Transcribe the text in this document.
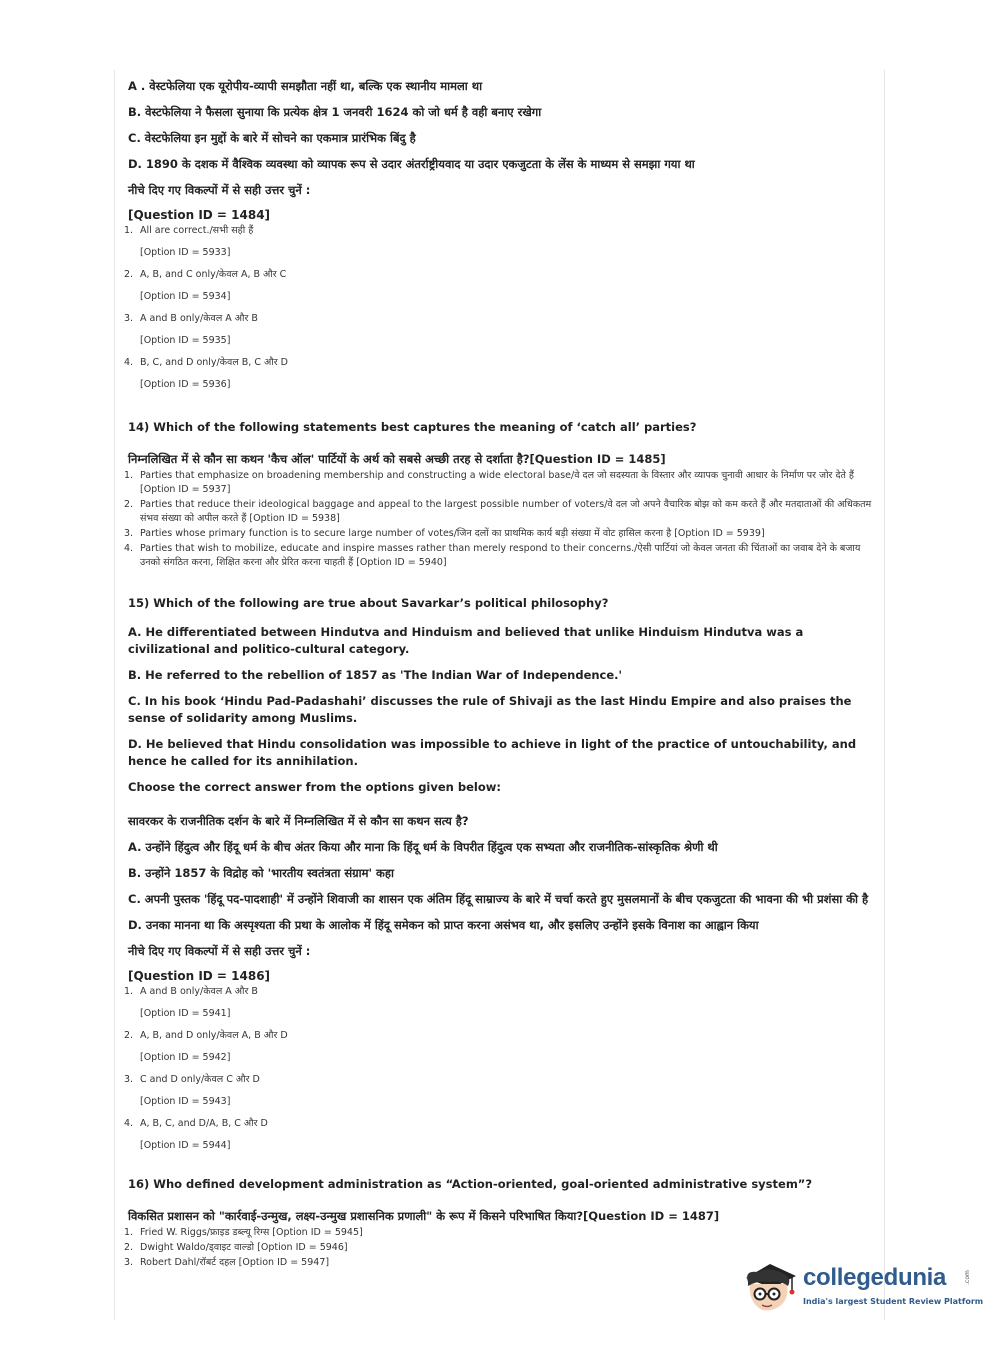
A . वेस्टफेलिया एक यूरोपीय-व्यापी समझौता नहीं था, बल्कि एक स्थानीय मामला था

B. वेस्टफेलिया ने फैसला सुनाया कि प्रत्येक क्षेत्र 1 जनवरी 1624 को जो धर्म है वही बनाए रखेगा

C. वेस्टफेलिया इन मुद्दों के बारे में सोचने का एकमात्र प्रारंभिक बिंदु है

D. 1890 के दशक में वैश्विक व्यवस्था को व्यापक रूप से उदार अंतर्राष्ट्रीयवाद या उदार एकजुटता के लेंस के माध्यम से समझा गया था

नीचे दिए गए विकल्पों में से सही उत्तर चुनें :

[Question ID = 1484]
1. All are correct./सभी सही हैं
[Option ID = 5933]
2. A, B, and C only/केवल A, B और C
[Option ID = 5934]
3. A and B only/केवल A और B
[Option ID = 5935]
4. B, C, and D only/केवल B, C और D
[Option ID = 5936]
14) Which of the following statements best captures the meaning of ‘catch all’ parties?
निम्नलिखित में से कौन सा कथन 'कैच ऑल' पार्टियों के अर्थ को सबसे अच्छी तरह से दर्शाता है?[Question ID = 1485]
1. Parties that emphasize on broadening membership and constructing a wide electoral base/वे दल जो सदस्यता के विस्तार और व्यापक चुनावी आधार के निर्माण पर जोर देते हैं [Option ID = 5937]
2. Parties that reduce their ideological baggage and appeal to the largest possible number of voters/वे दल जो अपने वैचारिक बोझ को कम करते हैं और मतदाताओं की अधिकतम संभव संख्या को अपील करते हैं [Option ID = 5938]
3. Parties whose primary function is to secure large number of votes/जिन दलों का प्राथमिक कार्य बड़ी संख्या में वोट हासिल करना है [Option ID = 5939]
4. Parties that wish to mobilize, educate and inspire masses rather than merely respond to their concerns./ऐसी पार्टियां जो केवल जनता की चिंताओं का जवाब देने के बजाय उनको संगठित करना, शिक्षित करना और प्रेरित करना चाहती हैं [Option ID = 5940]
15) Which of the following are true about Savarkar’s political philosophy?

A. He differentiated between Hindutva and Hinduism and believed that unlike Hinduism Hindutva was a civilizational and politico-cultural category.

B. He referred to the rebellion of 1857 as 'The Indian War of Independence.'

C. In his book ‘Hindu Pad-Padashahi’ discusses the rule of Shivaji as the last Hindu Empire and also praises the sense of solidarity among Muslims.

D. He believed that Hindu consolidation was impossible to achieve in light of the practice of untouchability, and hence he called for its annihilation.

Choose the correct answer from the options given below:

सावरकर के राजनीतिक दर्शन के बारे में निम्नलिखित में से कौन सा कथन सत्य है?

A. उन्होंने हिंदुत्व और हिंदू धर्म के बीच अंतर किया और माना कि हिंदू धर्म के विपरीत हिंदुत्व एक सभ्यता और राजनीतिक-सांस्कृतिक श्रेणी थी

B. उन्होंने 1857 के विद्रोह को 'भारतीय स्वतंत्रता संग्राम' कहा

C. अपनी पुस्तक 'हिंदू पद-पादशाही' में उन्होंने शिवाजी का शासन एक अंतिम हिंदू साम्राज्य के बारे में चर्चा करते हुए मुसलमानों के बीच एकजुटता की भावना की भी प्रशंसा की है

D. उनका मानना था कि अस्पृश्यता की प्रथा के आलोक में हिंदू समेकन को प्राप्त करना असंभव था, और इसलिए उन्होंने इसके विनाश का आह्वान किया

नीचे दिए गए विकल्पों में से सही उत्तर चुनें :

[Question ID = 1486]
1. A and B only/केवल A और B
[Option ID = 5941]
2. A, B, and D only/केवल A, B और D
[Option ID = 5942]
3. C and D only/केवल C और D
[Option ID = 5943]
4. A, B, C, and D/A, B, C और D
[Option ID = 5944]
16) Who defined development administration as “Action-oriented, goal-oriented administrative system”?
विकसित प्रशासन को "कार्रवाई-उन्मुख, लक्ष्य-उन्मुख प्रशासनिक प्रणाली" के रूप में किसने परिभाषित किया?[Question ID = 1487]
1. Fried W. Riggs/फ्राइड डब्ल्यू रिग्स [Option ID = 5945]
2. Dwight Waldo/ड्वाइट वाल्डो [Option ID = 5946]
3. Robert Dahl/रॉबर्ट दहल [Option ID = 5947]
collegedunia	.com
India's largest Student Review Platform
